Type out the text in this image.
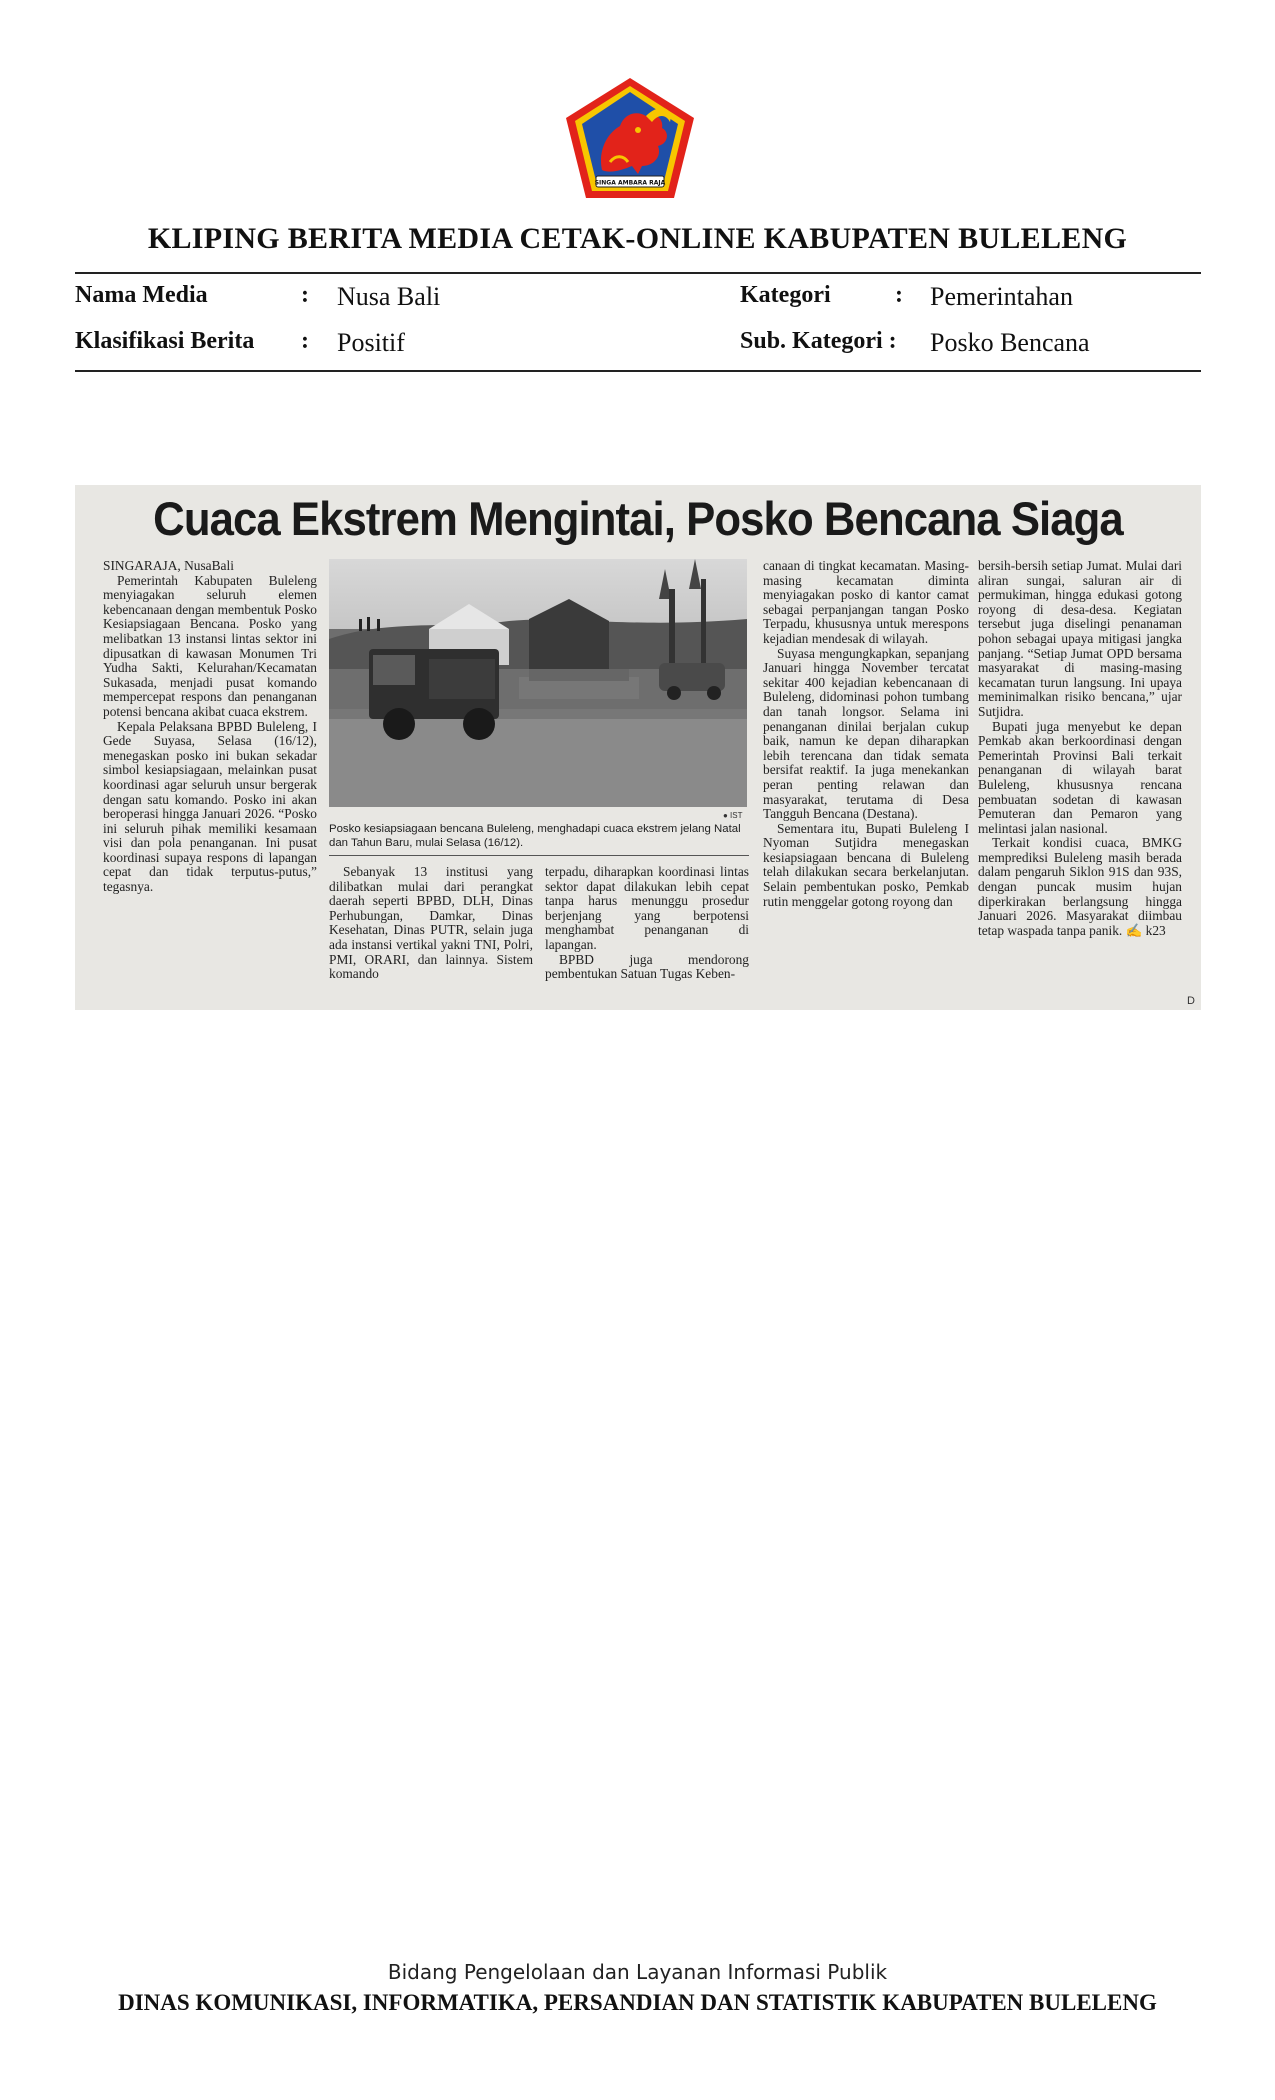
SINGA AMBARA RAJA
KLIPING BERITA MEDIA CETAK-ONLINE KABUPATEN BULELENG
Nama Media	: Nusa Bali
Klasifikasi Berita : Positif
Kategori	: Pemerintahan
Sub. Kategori : Posko Bencana
Cuaca Ekstrem Mengintai, Posko Bencana Siaga

SINGARAJA, NusaBali

Pemerintah Kabupaten Buleleng menyiagakan seluruh elemen kebencanaan dengan membentuk Posko Kesiapsiagaan Bencana. Posko yang melibatkan 13 instansi lintas sektor ini dipusatkan di kawasan Monumen Tri Yudha Sakti, Kelurahan/Kecamatan Sukasada, menjadi pusat komando mempercepat respons dan penanganan potensi bencana akibat cuaca ekstrem.

Kepala Pelaksana BPBD Buleleng, I Gede Suyasa, Selasa (16/12), menegaskan posko ini bukan sekadar simbol kesiapsiagaan, melainkan pusat koordinasi agar seluruh unsur bergerak dengan satu komando. Posko ini akan beroperasi hingga Januari 2026. “Posko ini seluruh pihak memiliki kesamaan visi dan pola penanganan. Ini pusat koordinasi supaya respons di lapangan cepat dan tidak terputus-putus,” tegasnya.

● IST
Posko kesiapsiagaan bencana Buleleng, menghadapi cuaca ekstrem jelang Natal dan Tahun Baru, mulai Selasa (16/12).

Sebanyak 13 institusi yang dilibatkan mulai dari perangkat daerah seperti BPBD, DLH, Dinas Perhubungan, Damkar, Dinas Kesehatan, Dinas PUTR, selain juga ada instansi vertikal yakni TNI, Polri, PMI, ORARI, dan lainnya. Sistem komando

terpadu, diharapkan koordinasi lintas sektor dapat dilakukan lebih cepat tanpa harus menunggu prosedur berjenjang yang berpotensi menghambat penanganan di lapangan.

BPBD juga mendorong pembentukan Satuan Tugas Keben-

canaan di tingkat kecamatan. Masing-masing kecamatan diminta menyiagakan posko di kantor camat sebagai perpanjangan tangan Posko Terpadu, khususnya untuk merespons kejadian mendesak di wilayah.

Suyasa mengungkapkan, sepanjang Januari hingga November tercatat sekitar 400 kejadian kebencanaan di Buleleng, didominasi pohon tumbang dan tanah longsor. Selama ini penanganan dinilai berjalan cukup baik, namun ke depan diharapkan lebih terencana dan tidak semata bersifat reaktif. Ia juga menekankan peran penting relawan dan masyarakat, terutama di Desa Tangguh Bencana (Destana).

Sementara itu, Bupati Buleleng I Nyoman Sutjidra menegaskan kesiapsiagaan bencana di Buleleng telah dilakukan secara berkelanjutan. Selain pembentukan posko, Pemkab rutin menggelar gotong royong dan

bersih-bersih setiap Jumat. Mulai dari aliran sungai, saluran air di permukiman, hingga edukasi gotong royong di desa-desa. Kegiatan tersebut juga diselingi penanaman pohon sebagai upaya mitigasi jangka panjang. “Setiap Jumat OPD bersama masyarakat di masing-masing kecamatan turun langsung. Ini upaya meminimalkan risiko bencana,” ujar Sutjidra.

Bupati juga menyebut ke depan Pemkab akan berkoordinasi dengan Pemerintah Provinsi Bali terkait penanganan di wilayah barat Buleleng, khususnya rencana pembuatan sodetan di kawasan Pemuteran dan Pemaron yang melintasi jalan nasional.

Terkait kondisi cuaca, BMKG memprediksi Buleleng masih berada dalam pengaruh Siklon 91S dan 93S, dengan puncak musim hujan diperkirakan berlangsung hingga Januari 2026. Masyarakat diimbau tetap waspada tanpa panik. ✍ k23

D
Bidang Pengelolaan dan Layanan Informasi Publik
DINAS KOMUNIKASI, INFORMATIKA, PERSANDIAN DAN STATISTIK KABUPATEN BULELENG
